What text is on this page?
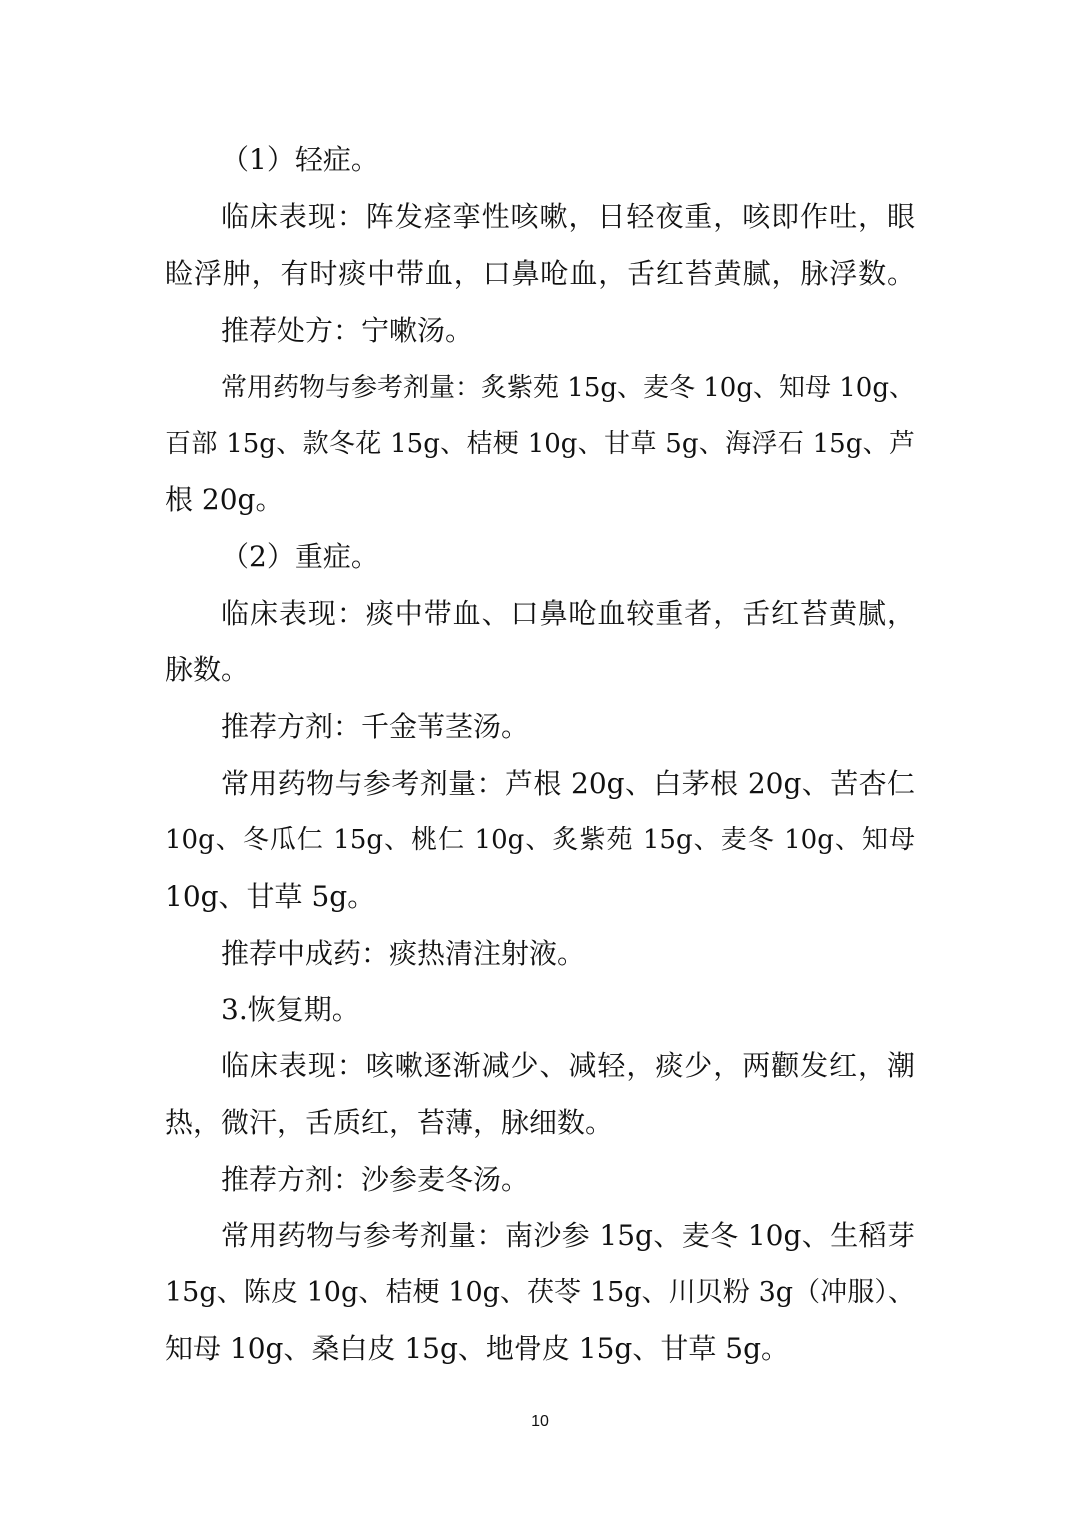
（1）轻症。
临床表现：阵发痉挛性咳嗽，日轻夜重，咳即作吐，眼
睑浮肿，有时痰中带血，口鼻呛血，舌红苔黄腻，脉浮数。
推荐处方：宁嗽汤。
常用药物与参考剂量：炙紫苑 15g、麦冬 10g、知母 10g、
百部 15g、款冬花 15g、桔梗 10g、甘草 5g、海浮石 15g、芦
根 20g。
（2）重症。
临床表现：痰中带血、口鼻呛血较重者，舌红苔黄腻，
脉数。
推荐方剂：千金苇茎汤。
常用药物与参考剂量：芦根 20g、白茅根 20g、苦杏仁
10g、冬瓜仁 15g、桃仁 10g、炙紫苑 15g、麦冬 10g、知母
10g、甘草 5g。
推荐中成药：痰热清注射液。
3.恢复期。
临床表现：咳嗽逐渐减少、减轻，痰少，两颧发红，潮
热，微汗，舌质红，苔薄，脉细数。
推荐方剂：沙参麦冬汤。
常用药物与参考剂量：南沙参 15g、麦冬 10g、生稻芽
15g、陈皮 10g、桔梗 10g、茯苓 15g、川贝粉 3g（冲服）、
知母 10g、桑白皮 15g、地骨皮 15g、甘草 5g。
10
